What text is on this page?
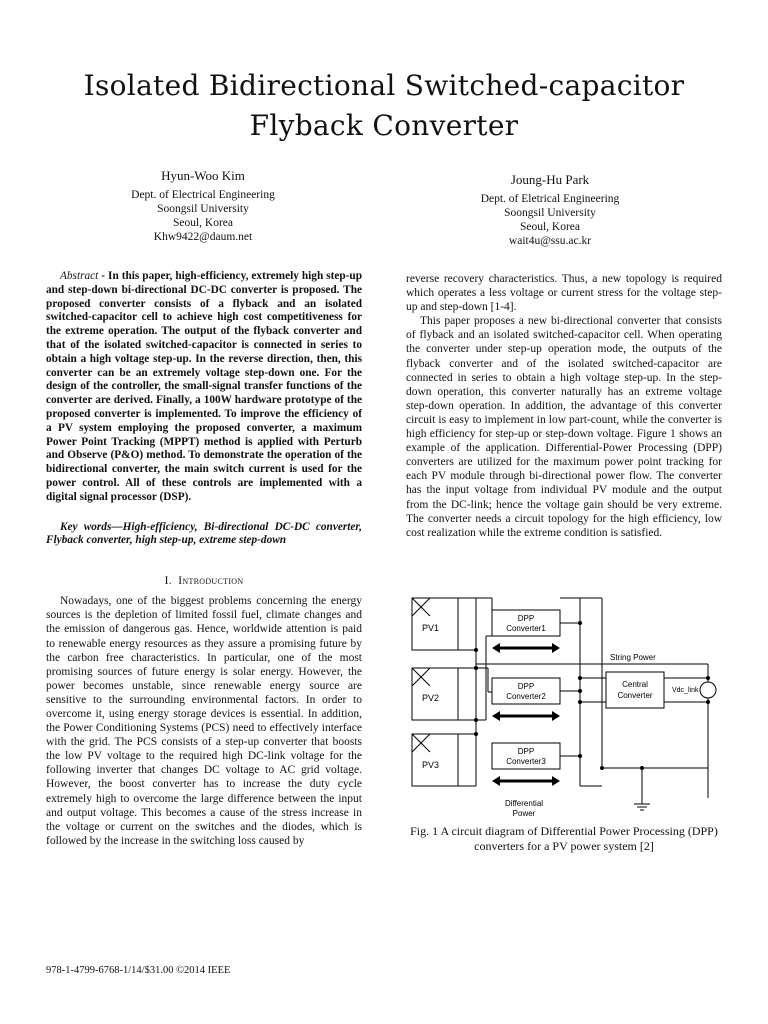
Isolated Bidirectional Switched-capacitor
Flyback Converter
Hyun-Woo Kim
Dept. of Electrical Engineering
Soongsil University
Seoul, Korea
Khw9422@daum.net
Joung-Hu Park
Dept. of Eletrical Engineering
Soongsil University
Seoul, Korea
wait4u@ssu.ac.kr

Abstract - In this paper, high-efficiency, extremely high step-up and step-down bi-directional DC-DC converter is proposed. The proposed converter consists of a flyback and an isolated switched-capacitor cell to achieve high cost competitiveness for the extreme operation. The output of the flyback converter and that of the isolated switched-capacitor is connected in series to obtain a high voltage step-up. In the reverse direction, then, this converter can be an extremely voltage step-down one. For the design of the controller, the small-signal transfer functions of the converter are derived. Finally, a 100W hardware prototype of the proposed converter is implemented. To improve the efficiency of a PV system employing the proposed converter, a maximum Power Point Tracking (MPPT) method is applied with Perturb and Observe (P&O) method. To demonstrate the operation of the bidirectional converter, the main switch current is used for the power control. All of these controls are implemented with a digital signal processor (DSP).

Key words—High-efficiency, Bi-directional DC-DC converter, Flyback converter, high step-up, extreme step-down

I. Introduction

Nowadays, one of the biggest problems concerning the energy sources is the depletion of limited fossil fuel, climate changes and the emission of dangerous gas. Hence, worldwide attention is paid to renewable energy resources as they assure a promising future by the carbon free characteristics. In particular, one of the most promising sources of future energy is solar energy. However, the power becomes unstable, since renewable energy source are sensitive to the surrounding environmental factors. In order to overcome it, using energy storage devices is essential. In addition, the Power Conditioning Systems (PCS) need to effectively interface with the grid. The PCS consists of a step-up converter that boosts the low PV voltage to the required high DC-link voltage for the following inverter that changes DC voltage to AC grid voltage. However, the boost converter has to increase the duty cycle extremely high to overcome the large difference between the input and output voltage. This becomes a cause of the stress increase in the voltage or current on the switches and the diodes, which is followed by the increase in the switching loss caused by

reverse recovery characteristics. Thus, a new topology is required which operates a less voltage or current stress for the voltage step-up and step-down [1-4].

This paper proposes a new bi-directional converter that consists of flyback and an isolated switched-capacitor cell. When operating the converter under step-up operation mode, the outputs of the flyback converter and of the isolated switched-capacitor are connected in series to obtain a high voltage step-up. In the step-down operation, this converter naturally has an extreme voltage step-down operation. In addition, the advantage of this converter circuit is easy to implement in low part-count, while the converter is high efficiency for step-up or step-down voltage. Figure 1 shows an example of the application. Differential-Power Processing (DPP) converters are utilized for the maximum power point tracking for each PV module through bi-directional power flow. The converter has the input voltage from individual PV module and the output from the DC-link; hence the voltage gain should be very extreme. The converter needs a circuit topology for the high efficiency, low cost realization while the extreme condition is satisfied.

PV1
PV2
PV3
DPP
Converter1
DPP
Converter2
DPP
Converter3
String Power
Central
Converter
Vdc_link
Differential
Power
Fig. 1 A circuit diagram of Differential Power Processing (DPP) converters for a PV power system [2]
978-1-4799-6768-1/14/$31.00 ©2014 IEEE
